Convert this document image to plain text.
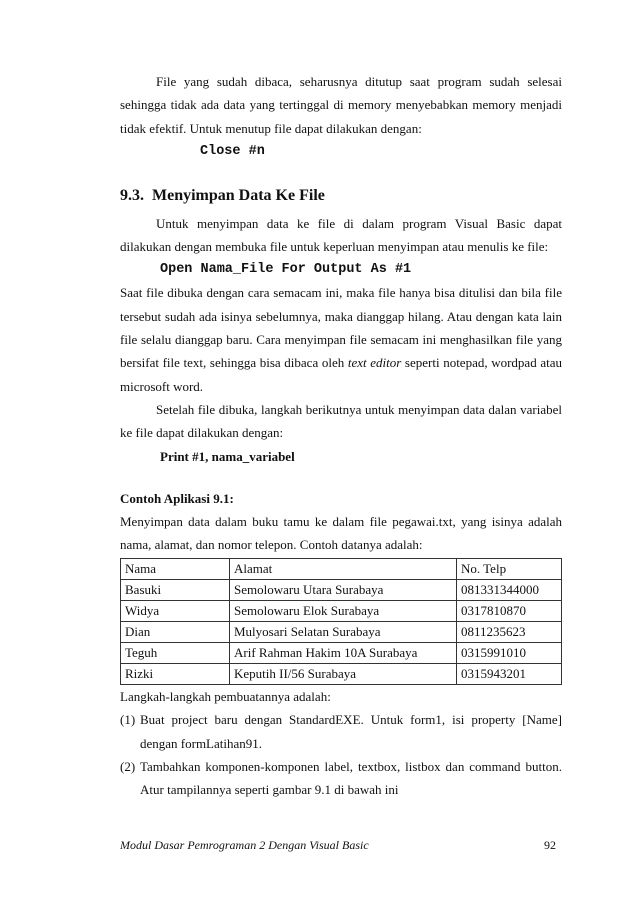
File yang sudah dibaca, seharusnya ditutup saat program sudah selesai sehingga tidak ada data yang tertinggal di memory menyebabkan memory menjadi tidak efektif. Untuk menutup file dapat dilakukan dengan:

Close #n

9.3. Menyimpan Data Ke File

Untuk menyimpan data ke file di dalam program Visual Basic dapat dilakukan dengan membuka file untuk keperluan menyimpan atau menulis ke file:

Open Nama_File For Output As #1

Saat file dibuka dengan cara semacam ini, maka file hanya bisa ditulisi dan bila file tersebut sudah ada isinya sebelumnya, maka dianggap hilang. Atau dengan kata lain file selalu dianggap baru. Cara menyimpan file semacam ini menghasilkan file yang bersifat file text, sehingga bisa dibaca oleh text editor seperti notepad, wordpad atau microsoft word.

Setelah file dibuka, langkah berikutnya untuk menyimpan data dalan variabel ke file dapat dilakukan dengan:

Print #1, nama_variabel

Contoh Aplikasi 9.1:

Menyimpan data dalam buku tamu ke dalam file pegawai.txt, yang isinya adalah nama, alamat, dan nomor telepon. Contoh datanya adalah:

Nama	Alamat	No. Telp
Basuki	Semolowaru Utara Surabaya	081331344000
Widya	Semolowaru Elok Surabaya	0317810870
Dian	Mulyosari Selatan Surabaya	0811235623
Teguh	Arif Rahman Hakim 10A Surabaya	0315991010
Rizki	Keputih II/56 Surabaya	0315943201

Langkah-langkah pembuatannya adalah:

(1) Buat project baru dengan StandardEXE. Untuk form1, isi property [Name] dengan formLatihan91.
(2) Tambahkan komponen-komponen label, textbox, listbox dan command button. Atur tampilannya seperti gambar 9.1 di bawah ini
Modul Dasar Pemrograman 2 Dengan Visual Basic	92
